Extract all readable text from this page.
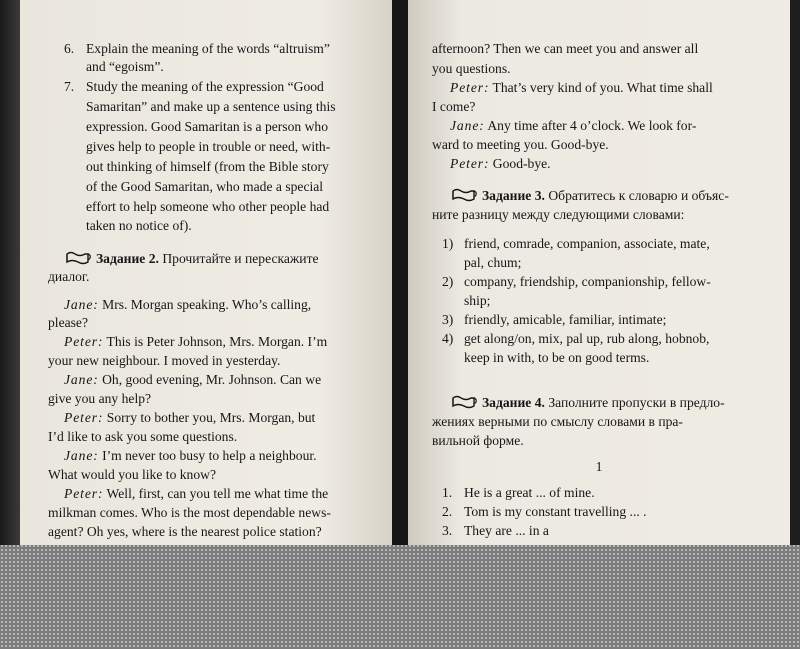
6. Explain the meaning of the words “altruism”
and “egoism”.
7. Study the meaning of the expression “Good
Samaritan” and make up a sentence using this
expression. Good Samaritan is a person who
gives help to people in trouble or need, with-
out thinking of himself (from the Bible story
of the Good Samaritan, who made a special
effort to help someone who other people had
taken no notice of).
Задание 2. Прочитайте и перескажите
диалог.
Jane: Mrs. Morgan speaking. Who’s calling,
please?
Peter: This is Peter Johnson, Mrs. Morgan. I’m
your new neighbour. I moved in yesterday.
Jane: Oh, good evening, Mr. Johnson. Can we
give you any help?
Peter: Sorry to bother you, Mrs. Morgan, but
I’d like to ask you some questions.
Jane: I’m never too busy to help a neighbour.
What would you like to know?
Peter: Well, first, can you tell me what time the
milkman comes. Who is the most dependable news-
agent? Oh yes, where is the nearest police station?
afternoon? Then we can meet you and answer all
you questions.
Peter: That’s very kind of you. What time shall
I come?
Jane: Any time after 4 o’clock. We look for-
ward to meeting you. Good-bye.
Peter: Good-bye.
Задание 3. Обратитесь к словарю и объяс-
ните разницу между следующими словами:
1) friend, comrade, companion, associate, mate,
pal, chum;
2) company, friendship, companionship, fellow-
ship;
3) friendly, amicable, familiar, intimate;
4) get along/on, mix, pal up, rub along, hobnob,
keep in with, to be on good terms.
Задание 4. Заполните пропуски в предло-
жениях верными по смыслу словами в пра-
вильной форме.
1
1. He is a great ... of mine.
2. Tom is my constant travelling ... .
3. They are ... in a
